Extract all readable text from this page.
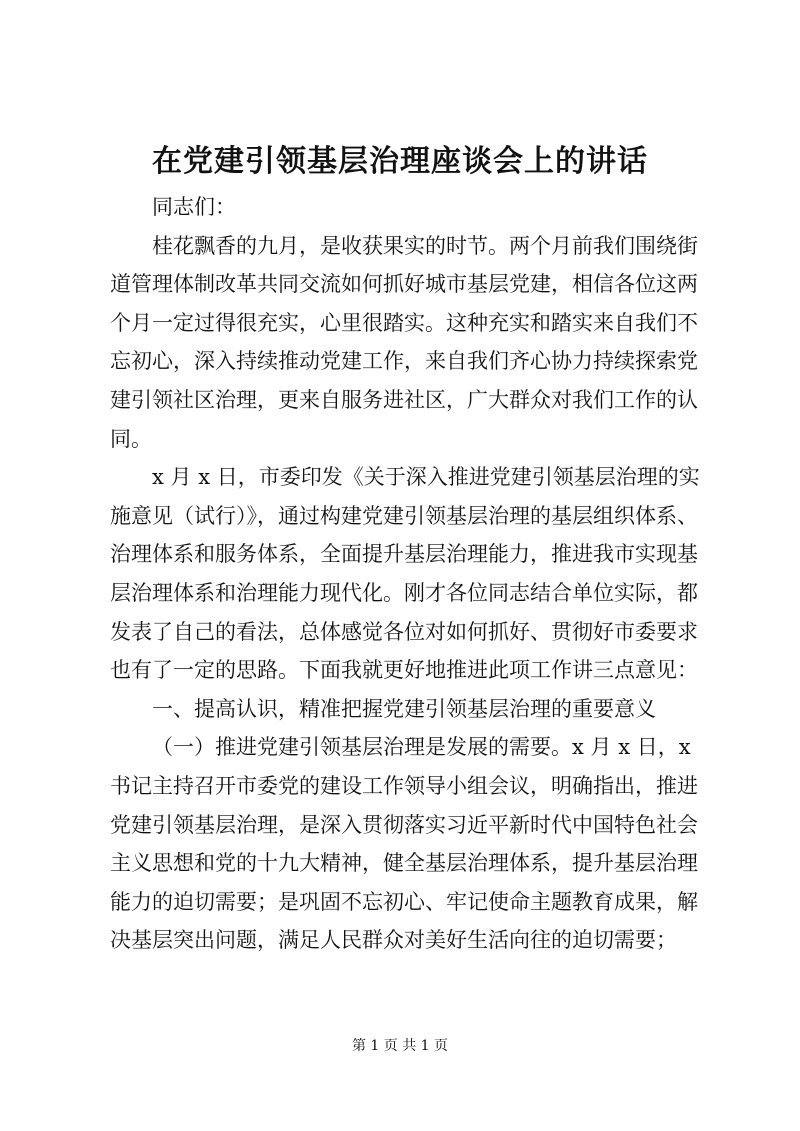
在党建引领基层治理座谈会上的讲话
同志们：
桂花飘香的九月，是收获果实的时节。两个月前我们围绕街
道管理体制改革共同交流如何抓好城市基层党建，相信各位这两
个月一定过得很充实，心里很踏实。这种充实和踏实来自我们不
忘初心，深入持续推动党建工作，来自我们齐心协力持续探索党
建引领社区治理，更来自服务进社区，广大群众对我们工作的认
同。
x 月 x 日，市委印发《关于深入推进党建引领基层治理的实
施意见（试行）》，通过构建党建引领基层治理的基层组织体系、
治理体系和服务体系，全面提升基层治理能力，推进我市实现基
层治理体系和治理能力现代化。刚才各位同志结合单位实际，都
发表了自己的看法，总体感觉各位对如何抓好、贯彻好市委要求
也有了一定的思路。下面我就更好地推进此项工作讲三点意见：
一、提高认识，精准把握党建引领基层治理的重要意义
（一）推进党建引领基层治理是发展的需要。x 月 x 日，x
书记主持召开市委党的建设工作领导小组会议，明确指出，推进
党建引领基层治理，是深入贯彻落实习近平新时代中国特色社会
主义思想和党的十九大精神，健全基层治理体系，提升基层治理
能力的迫切需要；是巩固不忘初心、牢记使命主题教育成果，解
决基层突出问题，满足人民群众对美好生活向往的迫切需要；
第 1 页 共 1 页
